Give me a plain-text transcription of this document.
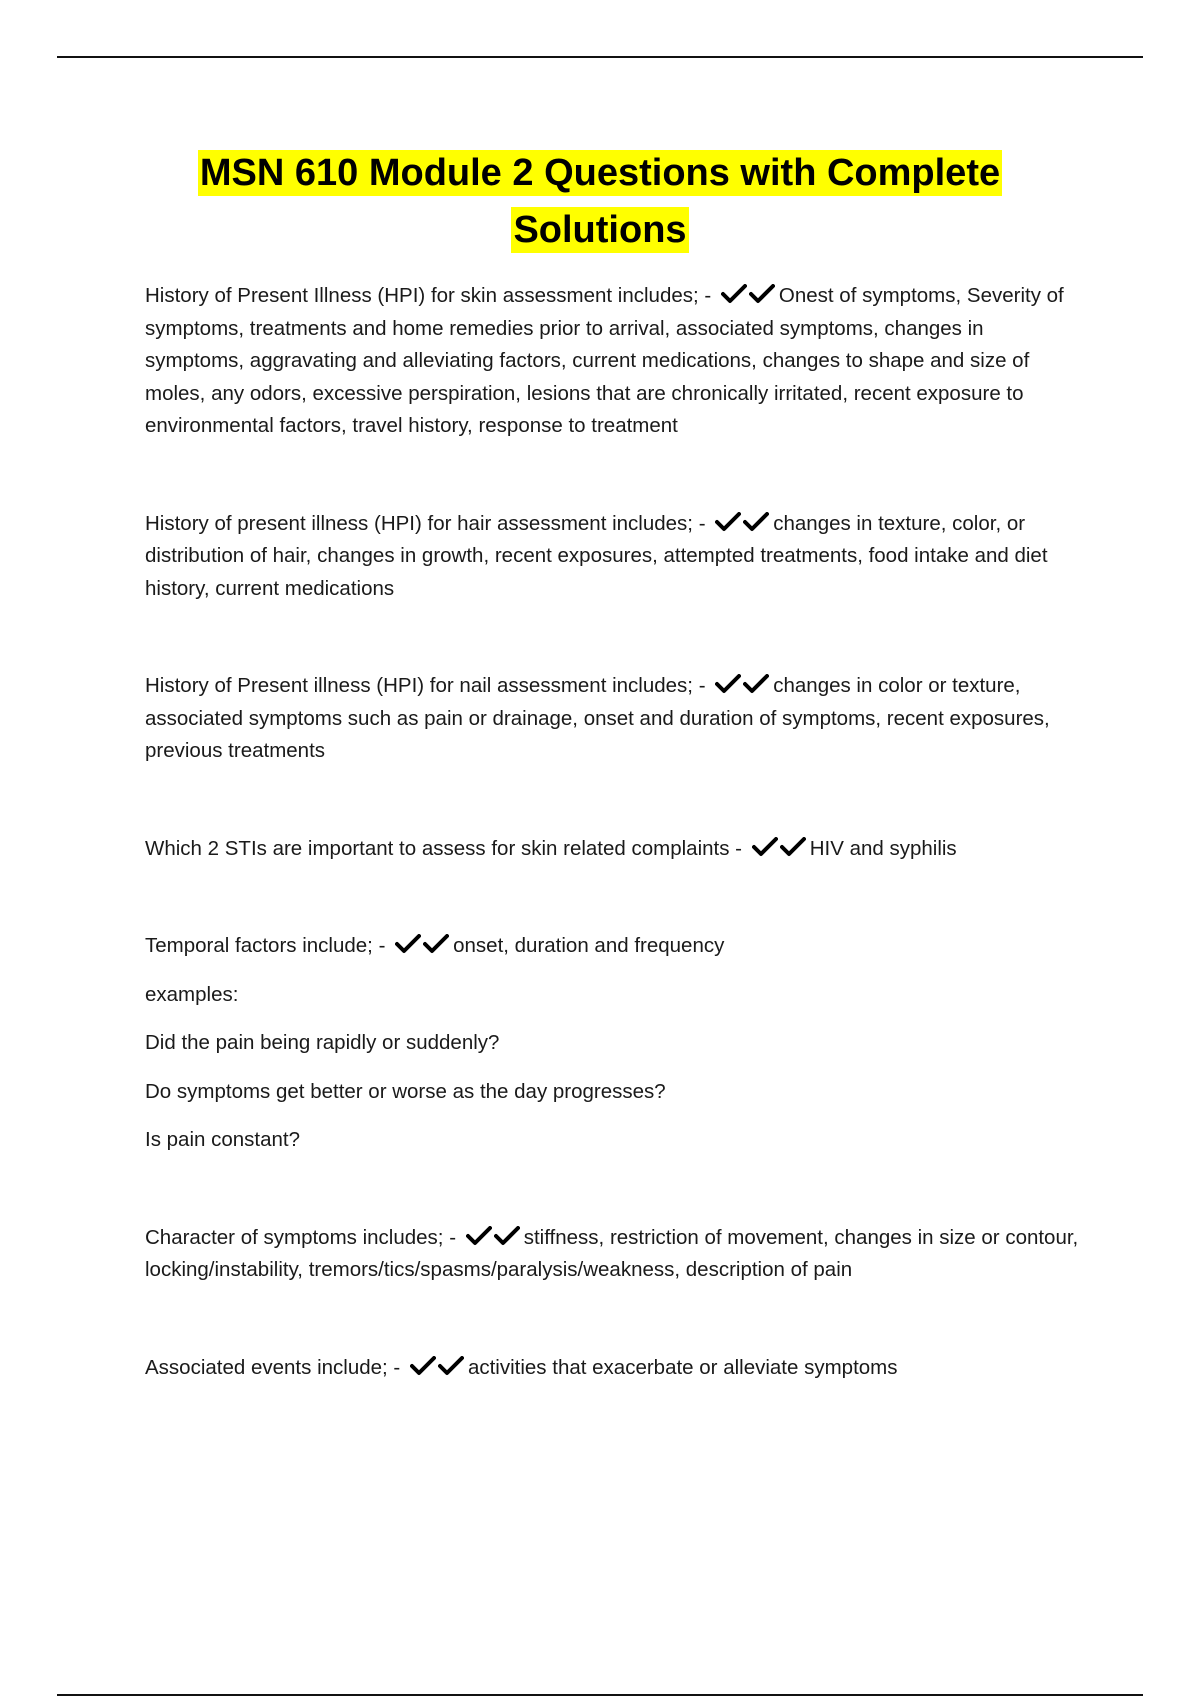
MSN 610 Module 2 Questions with Complete
Solutions

History of Present Illness (HPI) for skin assessment includes; -	Onest of symptoms, Severity of symptoms, treatments and home remedies prior to arrival, associated symptoms, changes in symptoms, aggravating and alleviating factors, current medications, changes to shape and size of moles, any odors, excessive perspiration, lesions that are chronically irritated, recent exposure to environmental factors, travel history, response to treatment

History of present illness (HPI) for hair assessment includes; -	changes in texture, color, or distribution of hair, changes in growth, recent exposures, attempted treatments, food intake and diet history, current medications

History of Present illness (HPI) for nail assessment includes; -	changes in color or texture, associated symptoms such as pain or drainage, onset and duration of symptoms, recent exposures, previous treatments

Which 2 STIs are important to assess for skin related complaints -	HIV and syphilis

Temporal factors include; -	onset, duration and frequency

examples:

Did the pain being rapidly or suddenly?

Do symptoms get better or worse as the day progresses?

Is pain constant?

Character of symptoms includes; -	stiffness, restriction of movement, changes in size or contour, locking/instability, tremors/tics/spasms/paralysis/weakness, description of pain

Associated events include; -	activities that exacerbate or alleviate symptoms
